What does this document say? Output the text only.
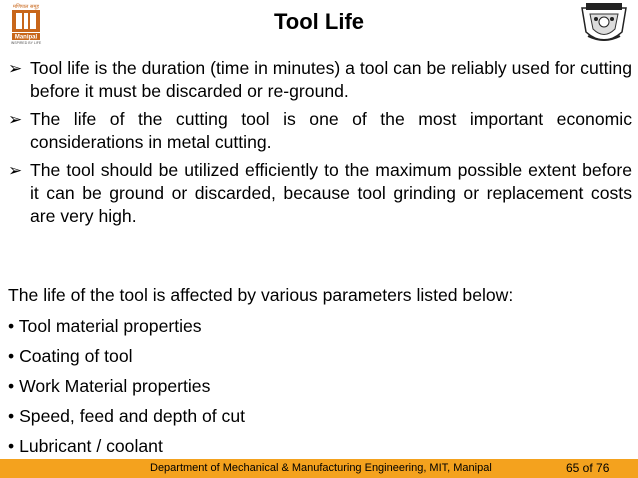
मणिपाल समूह
Manipal
INSPIRED BY LIFE
Tool Life
➢ Tool life is the duration (time in minutes) a tool can be reliably used for cutting before it must be discarded or re-ground.
➢ The life of the cutting tool is one of the most important economic considerations in metal cutting.
➢ The tool should be utilized efficiently to the maximum possible extent before it can be ground or discarded, because tool grinding or replacement costs are very high.

The life of the tool is affected by various parameters listed below:

• Tool material properties
• Coating of tool
• Work Material properties
• Speed, feed and depth of cut
• Lubricant / coolant
Department of Mechanical & Manufacturing Engineering, MIT, Manipal	65 of 76
